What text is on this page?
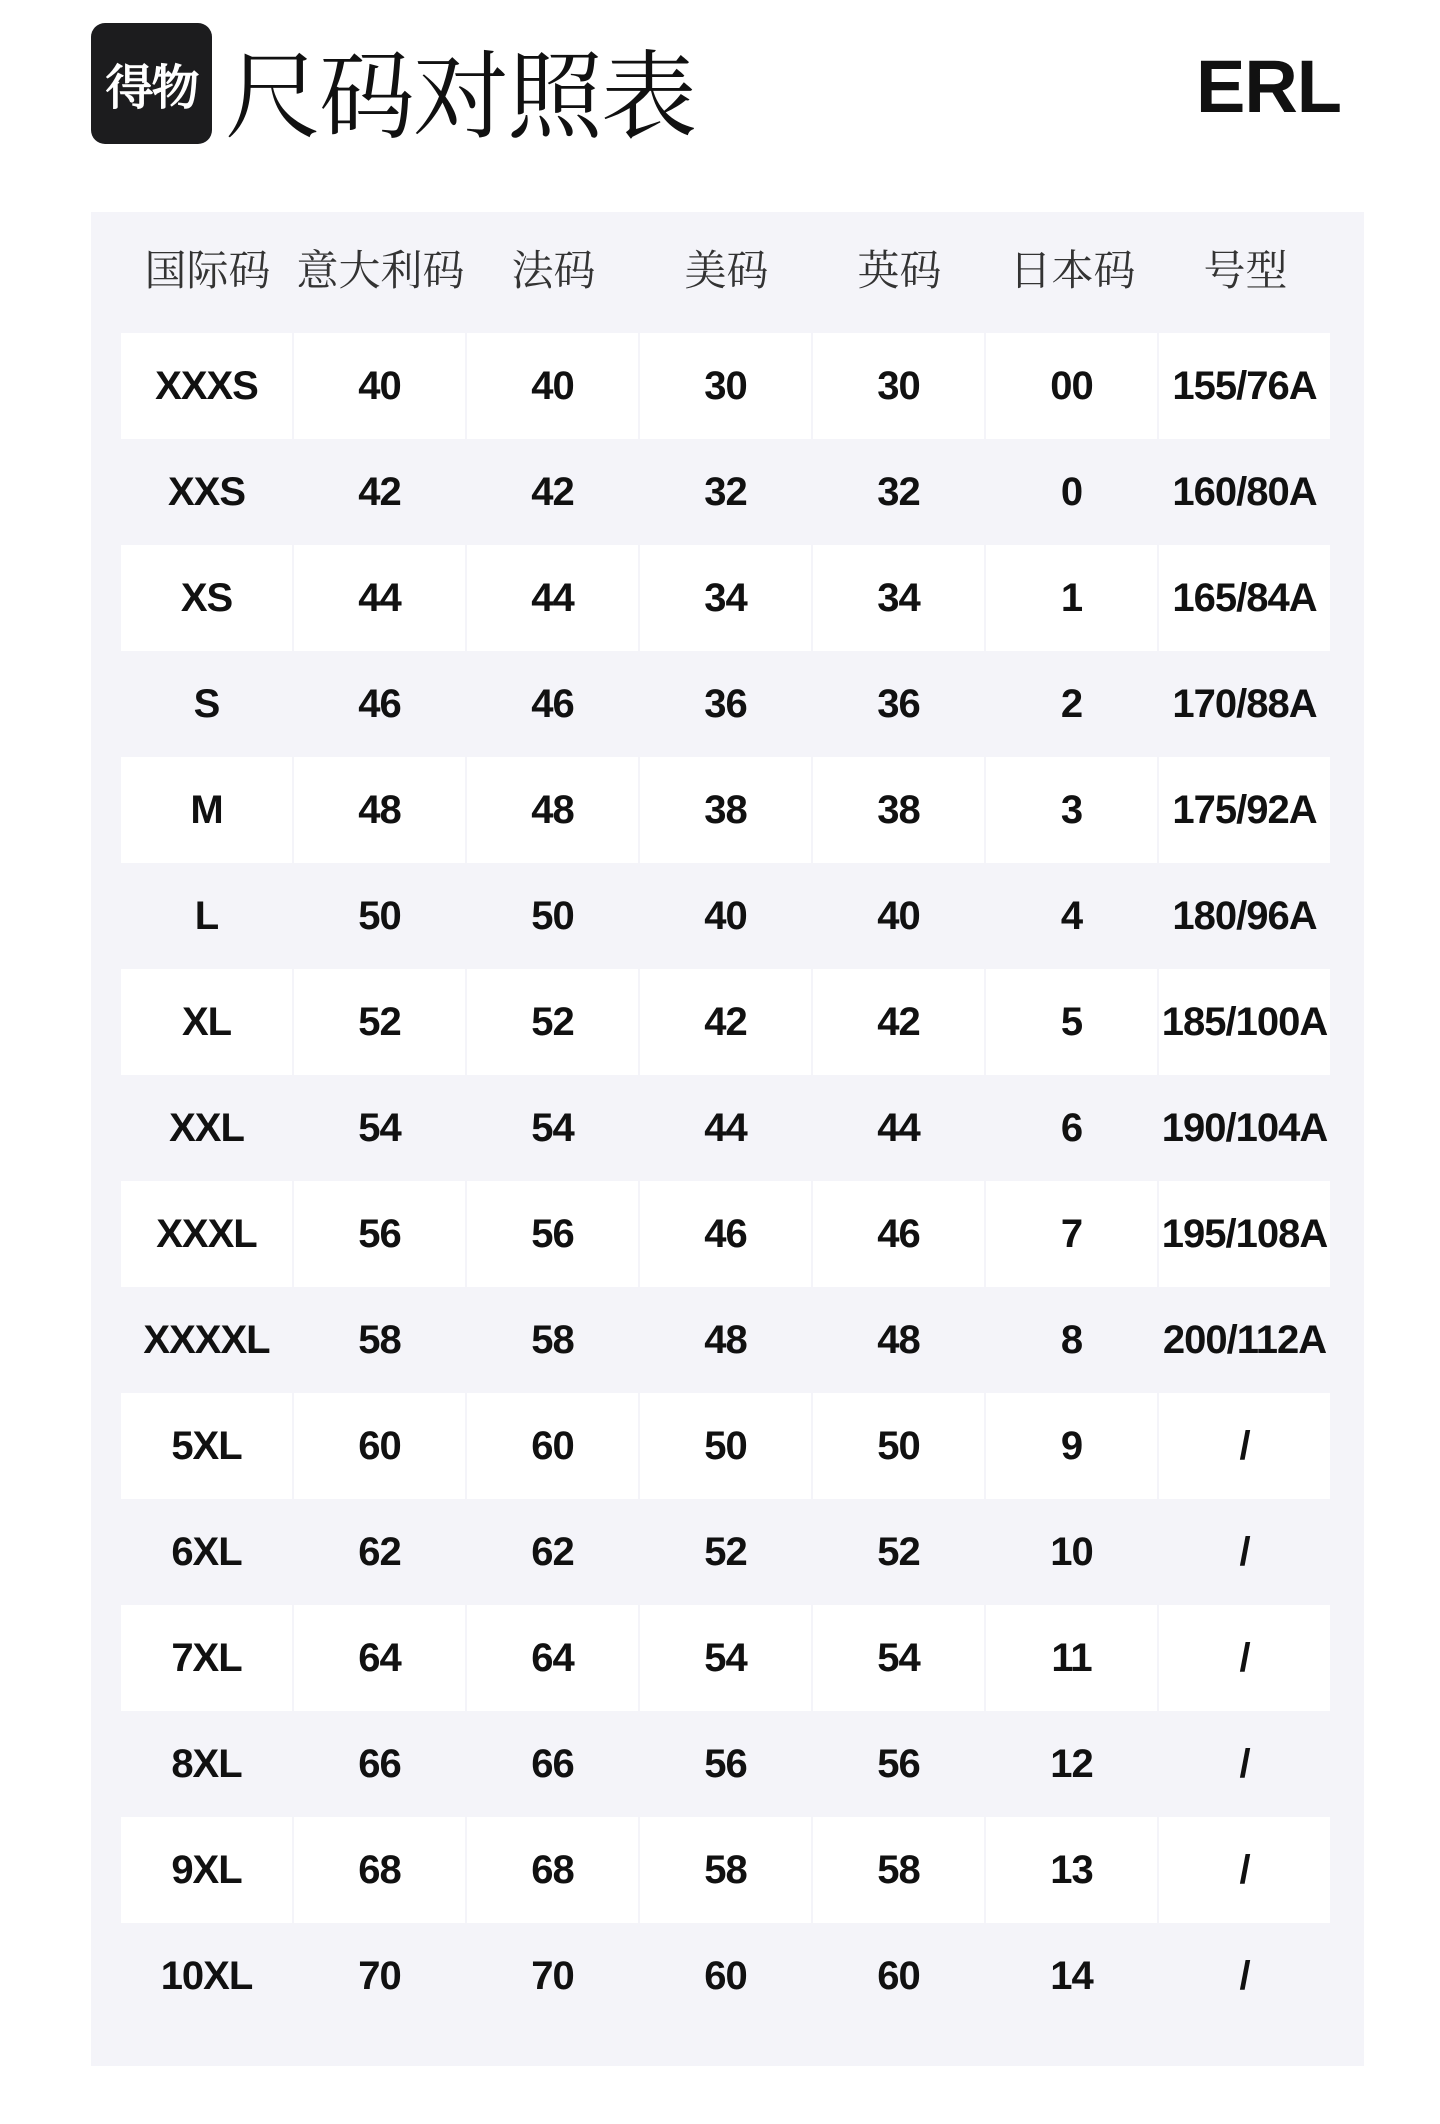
得物 尺码对照表	ERL
国际码 意大利码	法码	美码	英码	日本码	号型
XXXS	40	40	30	30	00	155/76A
XXS	42	42	32	32	0	160/80A
XS	44	44	34	34	1	165/84A
S	46	46	36	36	2	170/88A
M	48	48	38	38	3	175/92A
L	50	50	40	40	4	180/96A
XL	52	52	42	42	5	185/100A
XXL	54	54	44	44	6	190/104A
XXXL	56	56	46	46	7	195/108A
XXXXL	58	58	48	48	8	200/112A
5XL	60	60	50	50	9	/
6XL	62	62	52	52	10	/
7XL	64	64	54	54	11	/
8XL	66	66	56	56	12	/
9XL	68	68	58	58	13	/
10XL	70	70	60	60	14	/
